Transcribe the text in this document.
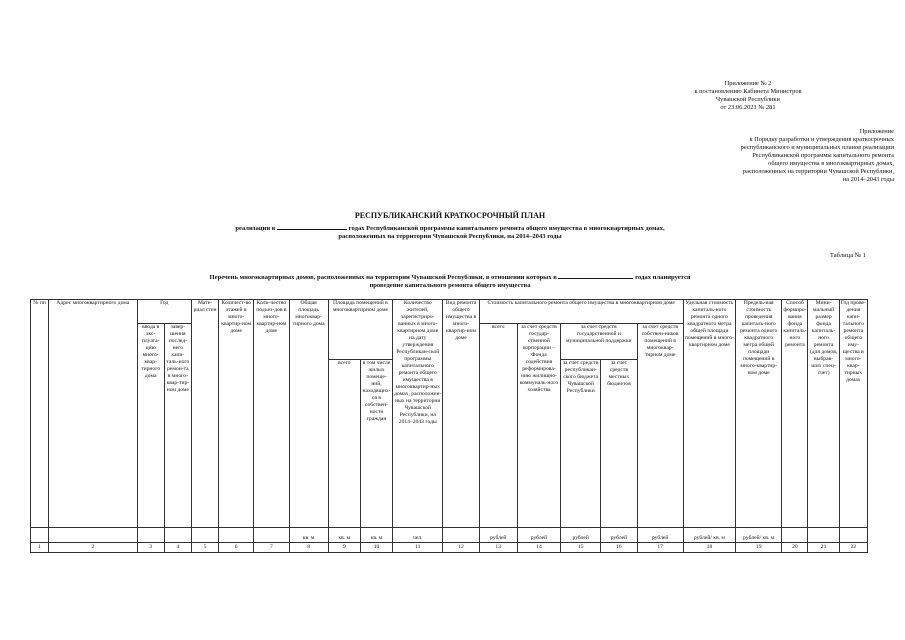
Приложение № 2
к постановлению Кабинета Министров
Чувашской Республики
от 23.06.2021 № 281
Приложение
к Порядку разработки и утверждения краткосрочных
республиканского и муниципальных планов реализации
Республиканской программы капитального ремонта
общего имущества в многоквартирных домах,
расположенных на территории Чувашской Республики,
на 2014–2043 годы
РЕСПУБЛИКАНСКИЙ КРАТКОСРОЧНЫЙ ПЛАН
реализации в	годах Республиканской программы капитального ремонта общего имущества в многоквартирных домах,
расположенных на территории Чувашской Республики, на 2014–2043 годы
Таблица № 1
Перечень многоквартирных домов, расположенных на территории Чувашской Республики, в отношении которых в	годах планируется
проведение капитального ремонта общего имущества
№ пп	Адрес многоквартирного дома	Год		Мате-риал стен	Количест-во этажей в много-квартир-ном доме	Коли-чество подъез-дов в много-квартир-ном доме	Общая площадь многоквар-тирного дома	Площадь помещений в многоквартирном доме		Количество жителей, зарегистриро-ванных в много-квартирном доме на дату утверждения Республикан-ской программы капитального ремонта общего имущества в многоквартир-ных домах, расположен-ных на территории Чувашской Республики, на 2014–2043 годы	Вид ремонта общего имущества в много-квартир-ном доме	Стоимость капитального ремонта общего имущества в многоквартирном доме					Удельная стоимость капиталь-ного ремонта одного квадратного метра общей площади помещений в много-квартирном доме	Предель-ная стоимость проведения капиталь-ного ремонта одного квадратного метра общей площади помещений в много-квартир-ном доме	Способ формиро-вания фонда капиталь-ного ремонта	Мини-мальный размер фонда капиталь-ного ремонта (для домов, выбрав-ших спец-счет)	Год прове-дения капи-тального ремонта общего иму-щества в много-квар-тирных домах
		ввода в экс-плуата-цию много-квар-тирного дома	завер-шения послед-него капи-таль-ного ремон-та в много-квар-тир-ном доме									всего	за счет средств государ-ственной корпорации – Фонда содействия реформирова-нию жилищно-коммуналь-ного хозяйства	за счет средств государственной и муниципальной поддержки		за счет средств собствен-ников помещений в многоквар-тирном доме					
								всего	в том числе жилых помеще-ний, находящих-ся в собствен-ности граждан					за счет средств республикан-ского бюджета Чувашской Республики	за счет средств местных бюджетов						

							кв. м	кв. м	кв. м	чел.		рублей	рублей	рублей	рублей	рублей	рублей/ кв. м	рублей/ кв. м			
1	2	3	4	5	6	7	8	9	10	11	12	13	14	15	16	17	18	19	20	21	22
